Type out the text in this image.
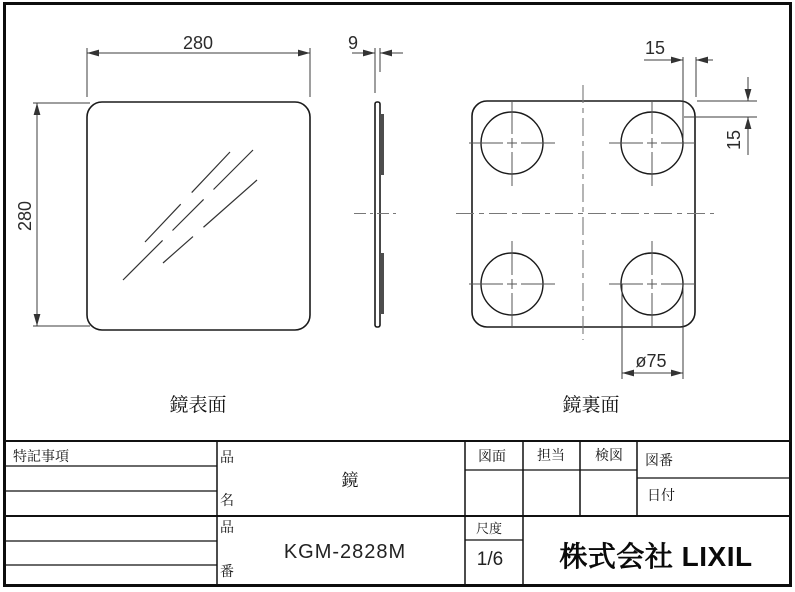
280
280
鏡表面
9	15
15
ø75
鏡裏面
特記事項	品
名
鏡
品
番
KGM-2828M
図面 担当 検図 図番
日付
尺度
1/6 株式会社 LIXIL
